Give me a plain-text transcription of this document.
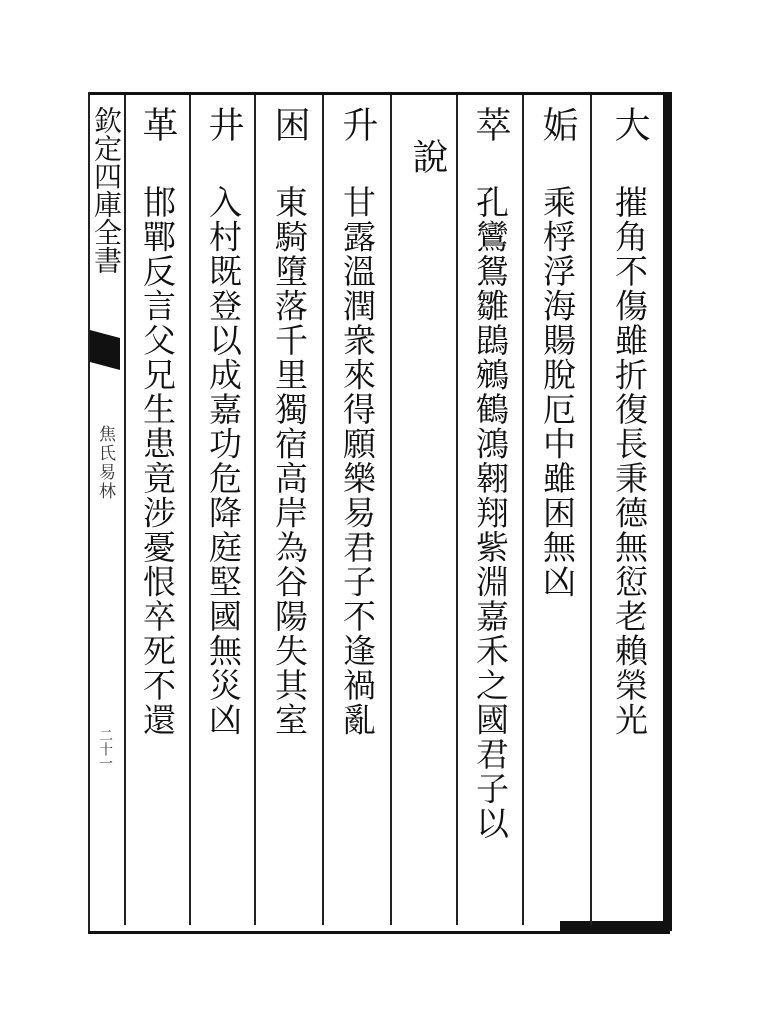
欽定四庫全書
焦氏易林
二十一
大
摧角不傷雖折復長秉德無愆老賴榮光
姤
乘桴浮海𧶽脫厄中雖困無凶
萃
孔鸞鴛雛鵾鵷鶴鴻翱翔紫淵嘉禾之國君子以
說
升
甘露溫潤衆來得願樂易君子不逢禍亂
困
東騎墮落千里獨宿高岸為谷陽失其室
井
入村既登以成嘉功危降庭堅國無災凶
革
邯鄲反言父兄生患竟涉憂恨卒死不還
